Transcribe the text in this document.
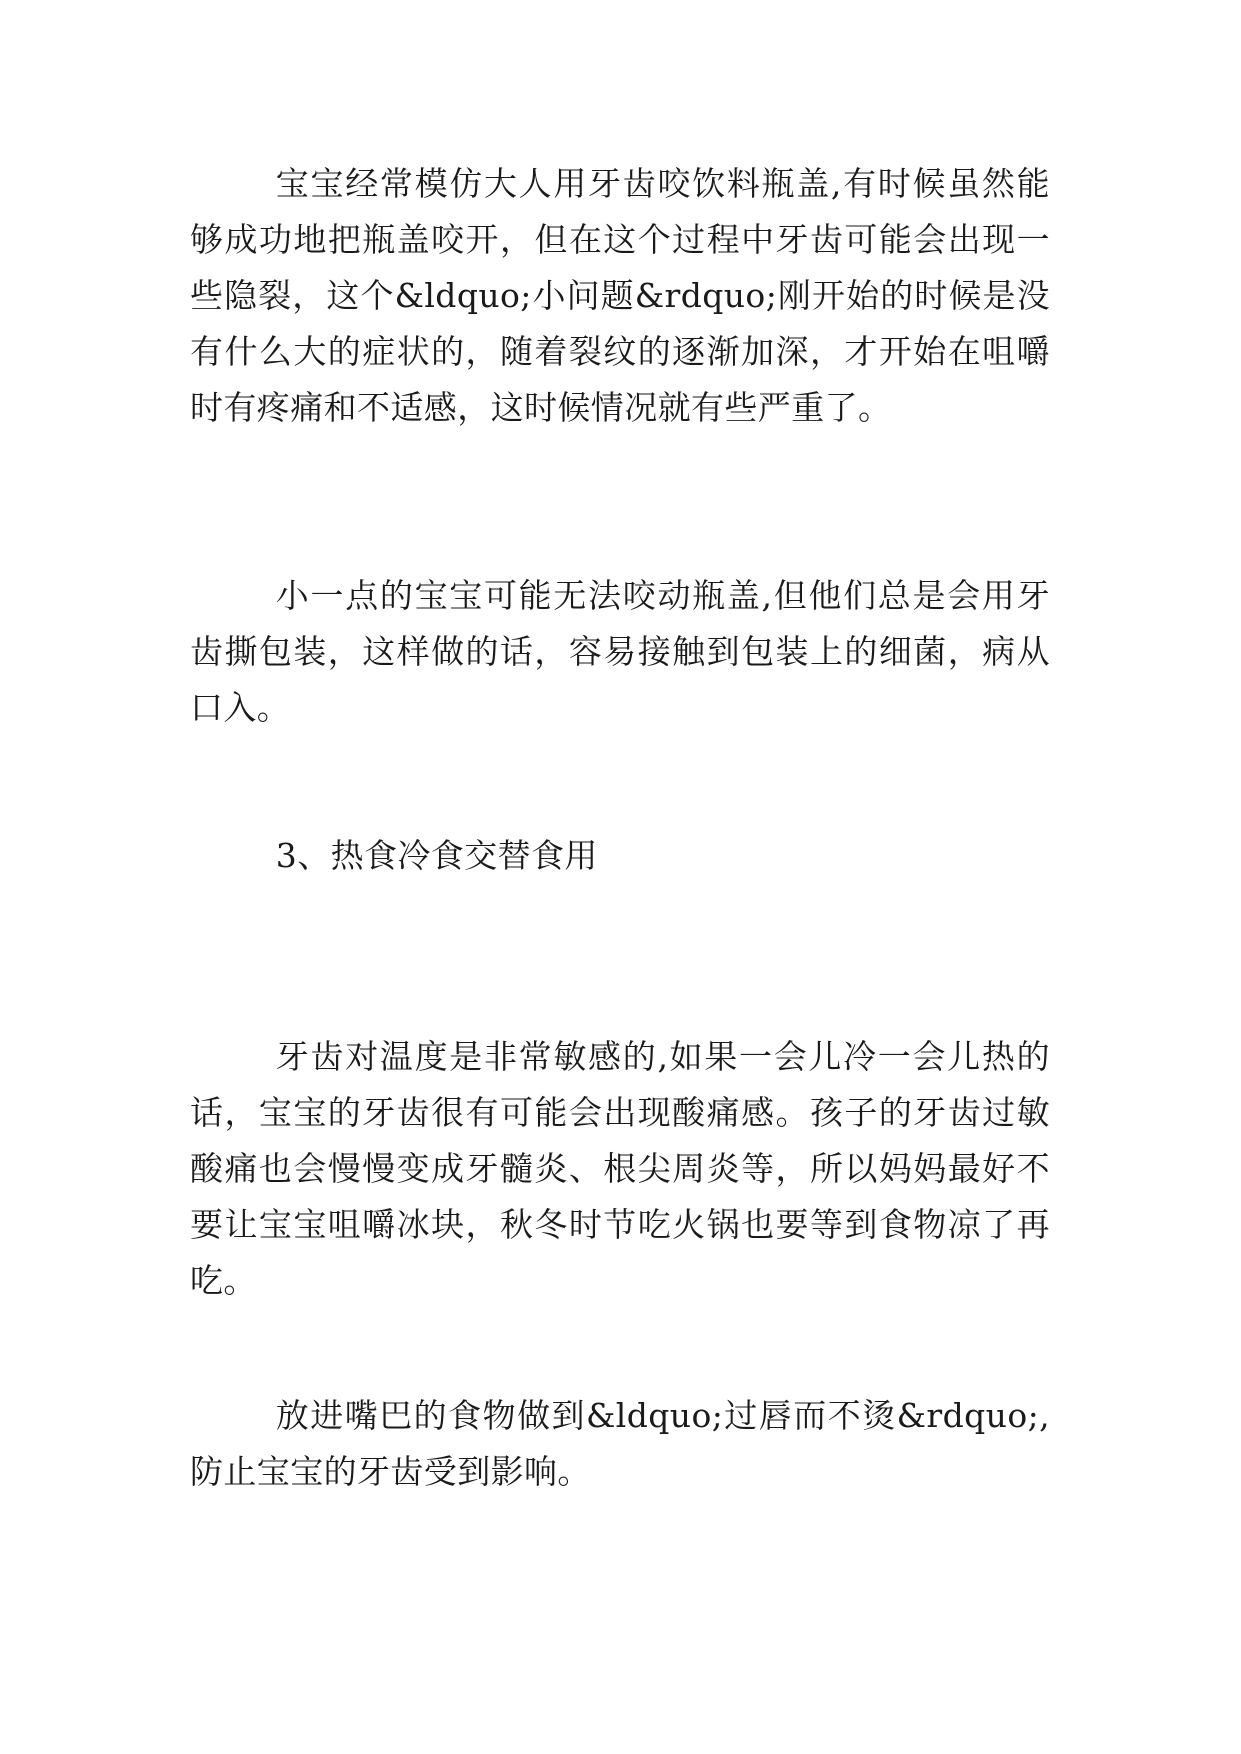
宝宝经常模仿大人用牙齿咬饮料瓶盖,有时候虽然能够成功地把瓶盖咬开，但在这个过程中牙齿可能会出现一些隐裂，这个&ldquo;小问题&rdquo;刚开始的时候是没有什么大的症状的，随着裂纹的逐渐加深，才开始在咀嚼时有疼痛和不适感，这时候情况就有些严重了。

小一点的宝宝可能无法咬动瓶盖,但他们总是会用牙齿撕包装，这样做的话，容易接触到包装上的细菌，病从口入。

3、热食冷食交替食用

牙齿对温度是非常敏感的,如果一会儿冷一会儿热的话，宝宝的牙齿很有可能会出现酸痛感。孩子的牙齿过敏酸痛也会慢慢变成牙髓炎、根尖周炎等，所以妈妈最好不要让宝宝咀嚼冰块，秋冬时节吃火锅也要等到食物凉了再吃。

放进嘴巴的食物做到&ldquo;过唇而不烫&rdquo;,防止宝宝的牙齿受到影响。
